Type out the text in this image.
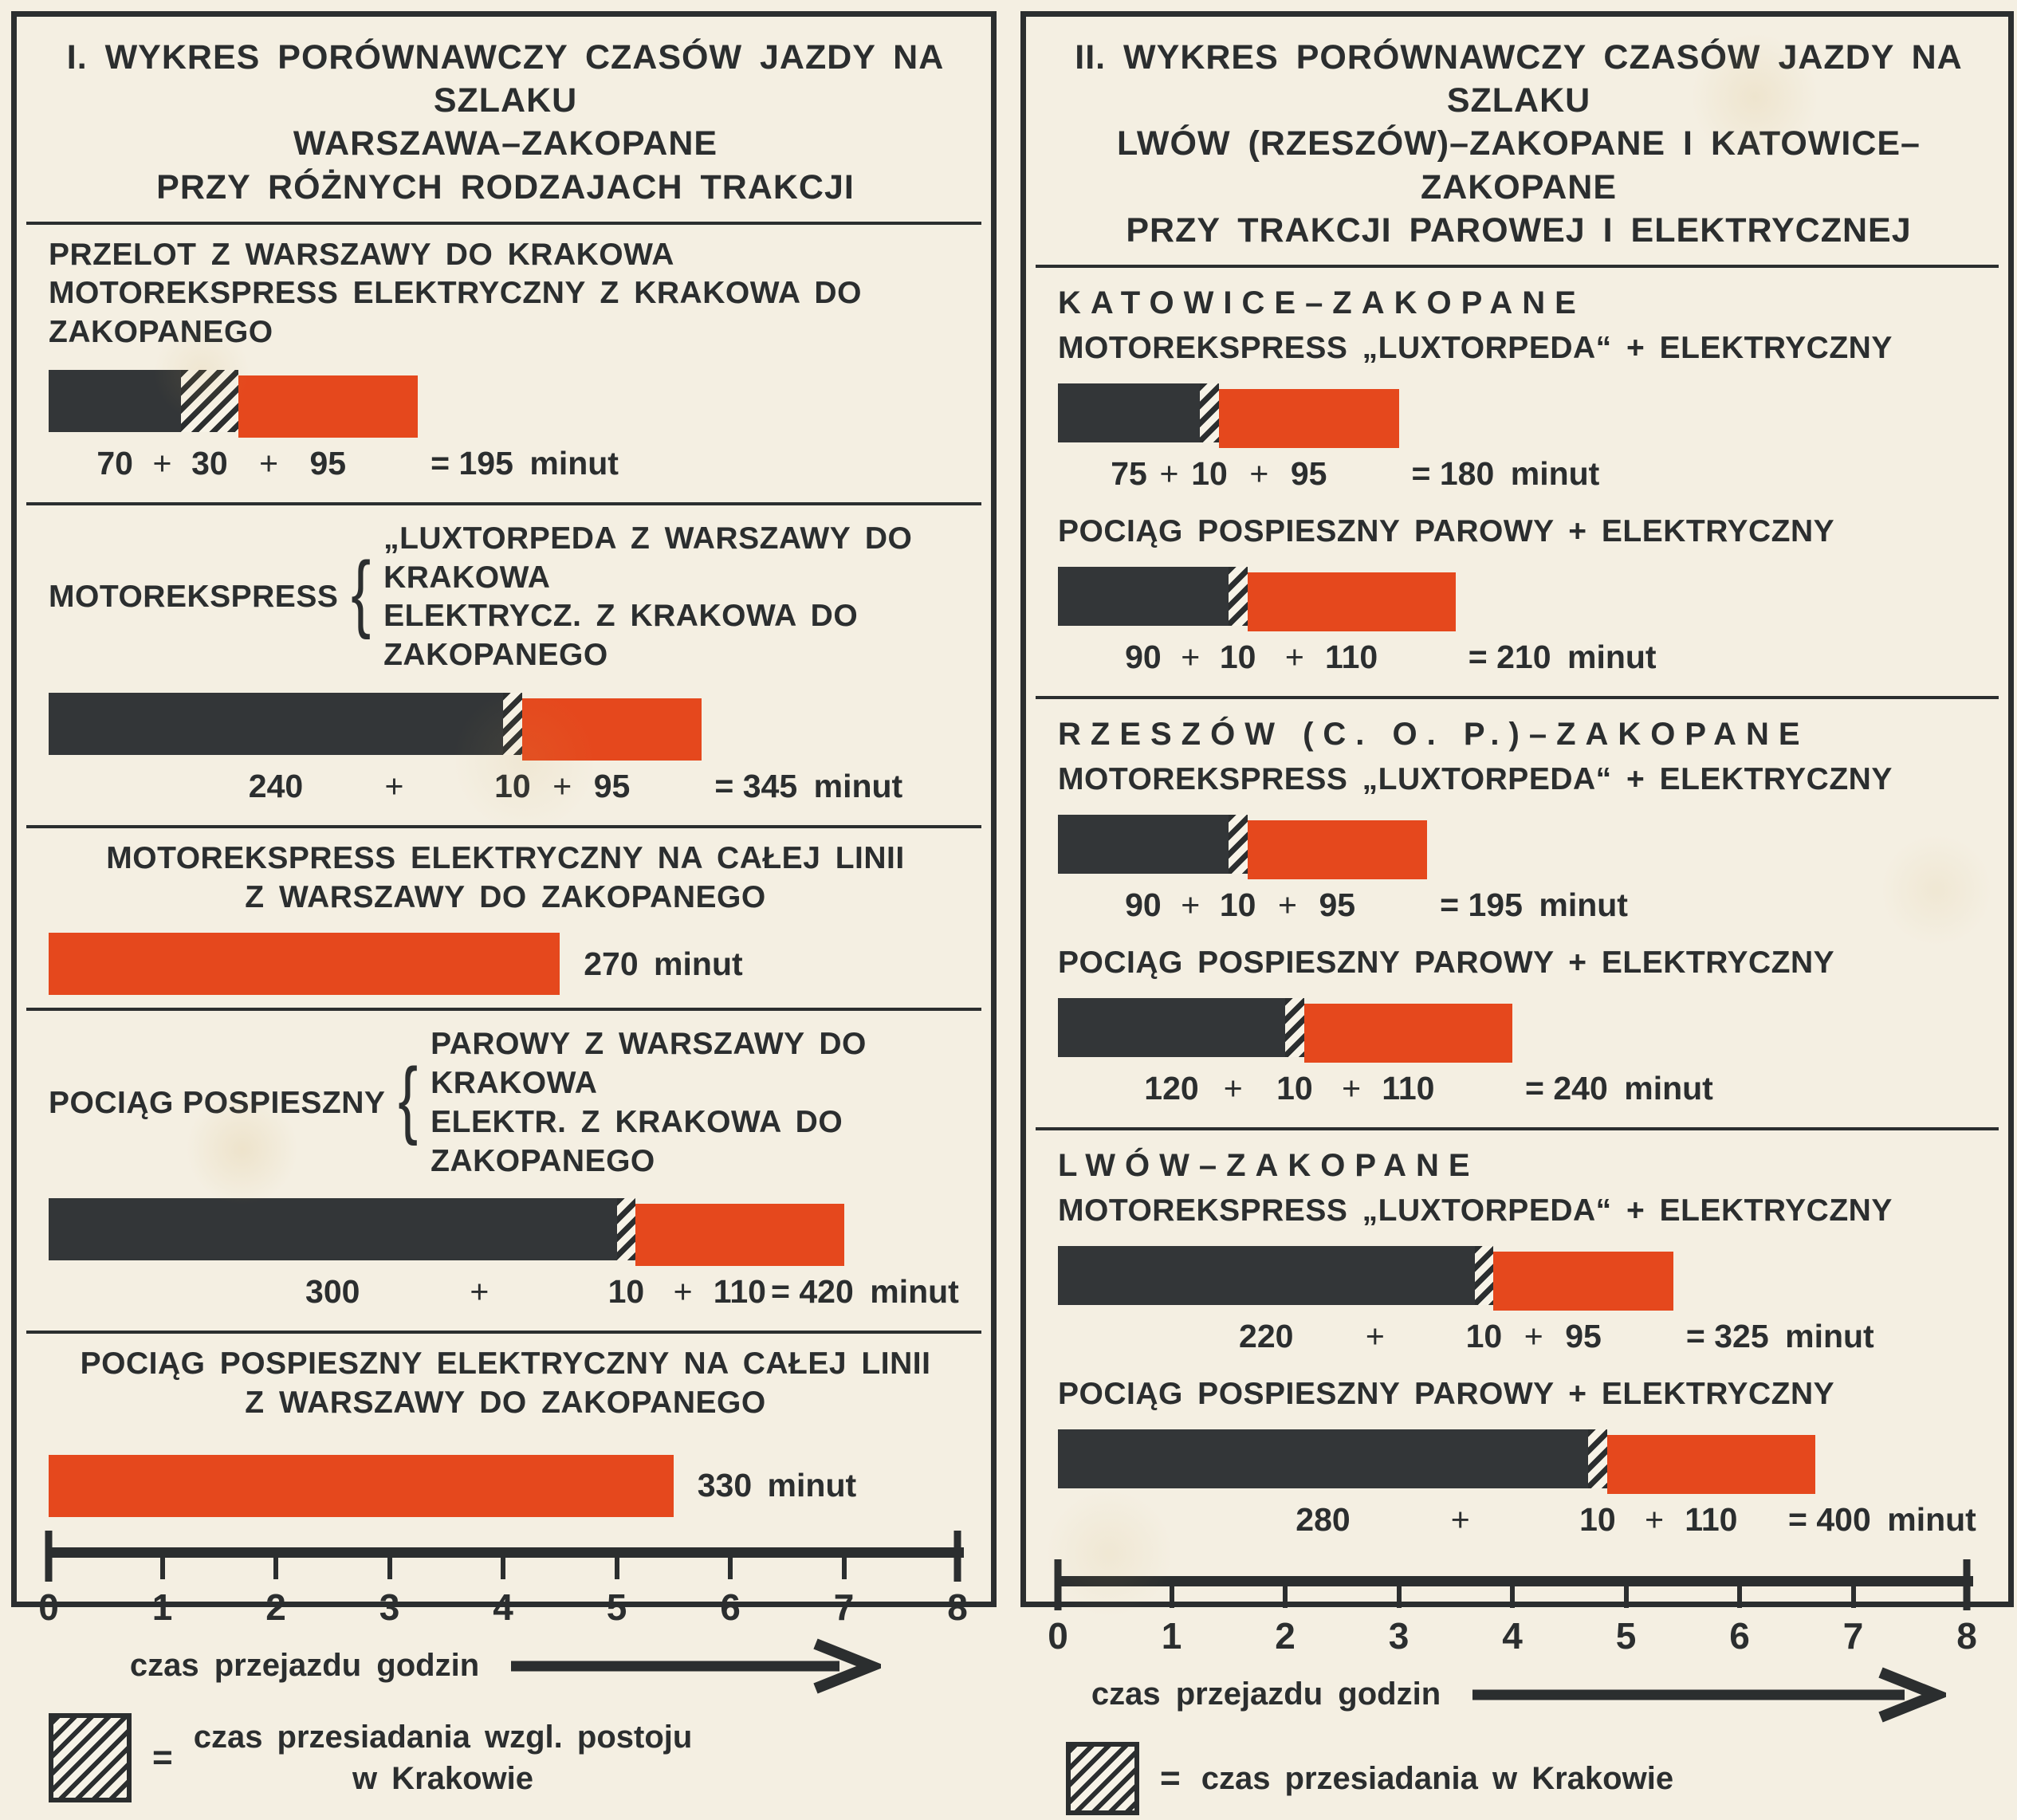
I. WYKRES PORÓWNAWCZY CZASÓW JAZDY NA SZLAKU
WARSZAWA–ZAKOPANE
PRZY RÓŻNYCH RODZAJACH TRAKCJI
PRZELOT Z WARSZAWY DO KRAKOWA
MOTOREKSPRESS ELEKTRYCZNY Z KRAKOWA DO ZAKOPANEGO
70 + 30 + 95	= 195 minut
MOTOREKSPRESS {
„LUXTORPEDA Z WARSZAWY DO KRAKOWA
ELEKTRYCZ. Z KRAKOWA DO ZAKOPANEGO
240 +	10 + 95	= 345 minut
MOTOREKSPRESS ELEKTRYCZNY NA CAŁEJ LINII
Z WARSZAWY DO ZAKOPANEGO
270 minut
POCIĄG POSPIESZNY {
PAROWY Z WARSZAWY DO KRAKOWA
ELEKTR. Z KRAKOWA DO ZAKOPANEGO
300	+	10 + 110 = 420 minut
POCIĄG POSPIESZNY ELEKTRYCZNY NA CAŁEJ LINII
Z WARSZAWY DO ZAKOPANEGO
330 minut
0	1	2	3	4	5	6	7	8
czas przejazdu godzin
=
czas przesiadania wzgl. postoju
w Krakowie
II. WYKRES PORÓWNAWCZY CZASÓW JAZDY NA SZLAKU
LWÓW (RZESZÓW)–ZAKOPANE I KATOWICE–ZAKOPANE
PRZY TRAKCJI PAROWEJ I ELEKTRYCZNEJ
KATOWICE–ZAKOPANE
MOTOREKSPRESS „LUXTORPEDA“ + ELEKTRYCZNY
75 + 10 + 95	= 180 minut
POCIĄG POSPIESZNY PAROWY + ELEKTRYCZNY
90 + 10 + 110	= 210 minut
RZESZÓW (C. O. P.)–ZAKOPANE
MOTOREKSPRESS „LUXTORPEDA“ + ELEKTRYCZNY
90 + 10 + 95	= 195 minut
POCIĄG POSPIESZNY PAROWY + ELEKTRYCZNY
120 + 10 + 110	= 240 minut
LWÓW–ZAKOPANE
MOTOREKSPRESS „LUXTORPEDA“ + ELEKTRYCZNY
220 + 10 + 95	= 325 minut
POCIĄG POSPIESZNY PAROWY + ELEKTRYCZNY
280	+	10 + 110 = 400 minut
0	1	2	3	4	5	6	7	8
czas przejazdu godzin
= czas przesiadania w Krakowie
